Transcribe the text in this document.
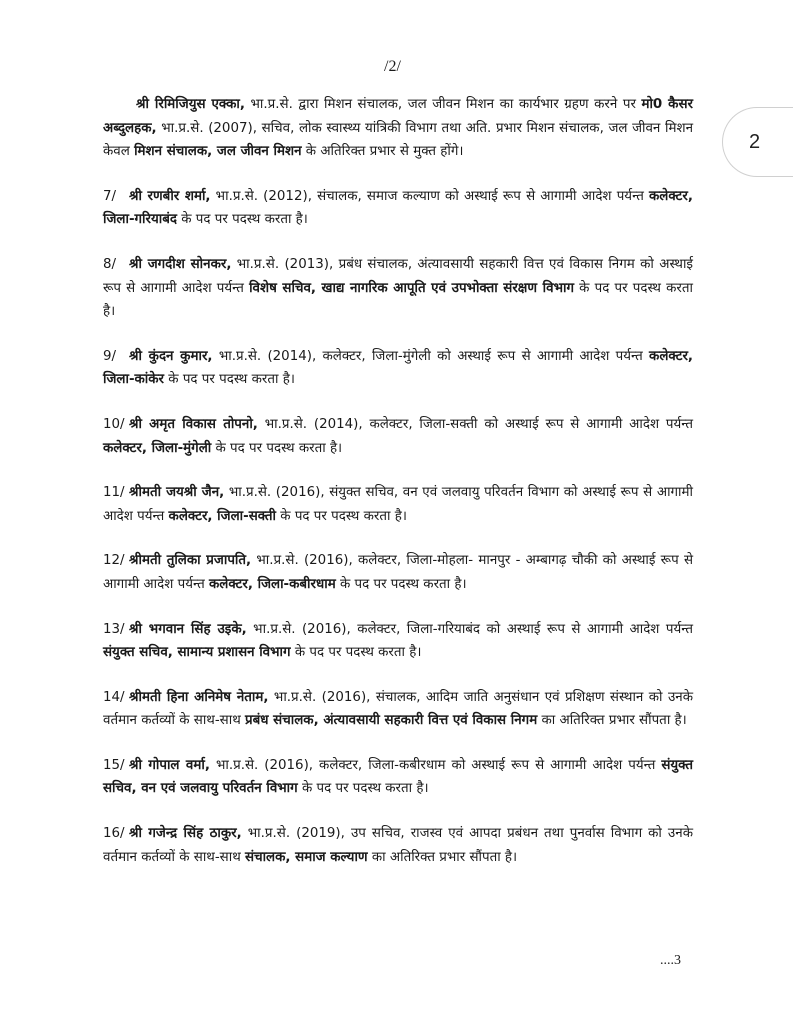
/2/
2

श्री रिमिजियुस एक्का, भा.प्र.से. द्वारा मिशन संचालक, जल जीवन मिशन का कार्यभार ग्रहण करने पर मो0 कैसर अब्दुलहक, भा.प्र.से. (2007), सचिव, लोक स्वास्थ्य यांत्रिकी विभाग तथा अति. प्रभार मिशन संचालक, जल जीवन मिशन केवल मिशन संचालक, जल जीवन मिशन के अतिरिक्त प्रभार से मुक्त होंगे।

7/ श्री रणबीर शर्मा, भा.प्र.से. (2012), संचालक, समाज कल्याण को अस्थाई रूप से आगामी आदेश पर्यन्त कलेक्टर, जिला-गरियाबंद के पद पर पदस्थ करता है।

8/ श्री जगदीश सोनकर, भा.प्र.से. (2013), प्रबंध संचालक, अंत्यावसायी सहकारी वित्त एवं विकास निगम को अस्थाई रूप से आगामी आदेश पर्यन्त विशेष सचिव, खाद्य नागरिक आपूति एवं उपभोक्ता संरक्षण विभाग के पद पर पदस्थ करता है।

9/ श्री कुंदन कुमार, भा.प्र.से. (2014), कलेक्टर, जिला-मुंगेली को अस्थाई रूप से आगामी आदेश पर्यन्त कलेक्टर, जिला-कांकेर के पद पर पदस्थ करता है।

10/ श्री अमृत विकास तोपनो, भा.प्र.से. (2014), कलेक्टर, जिला-सक्ती को अस्थाई रूप से आगामी आदेश पर्यन्त कलेक्टर, जिला-मुंगेली के पद पर पदस्थ करता है।

11/ श्रीमती जयश्री जैन, भा.प्र.से. (2016), संयुक्त सचिव, वन एवं जलवायु परिवर्तन विभाग को अस्थाई रूप से आगामी आदेश पर्यन्त कलेक्टर, जिला-सक्ती के पद पर पदस्थ करता है।

12/ श्रीमती तुलिका प्रजापति, भा.प्र.से. (2016), कलेक्टर, जिला-मोहला- मानपुर - अम्बागढ़ चौकी को अस्थाई रूप से आगामी आदेश पर्यन्त कलेक्टर, जिला-कबीरधाम के पद पर पदस्थ करता है।

13/ श्री भगवान सिंह उइके, भा.प्र.से. (2016), कलेक्टर, जिला-गरियाबंद को अस्थाई रूप से आगामी आदेश पर्यन्त संयुक्त सचिव, सामान्य प्रशासन विभाग के पद पर पदस्थ करता है।

14/ श्रीमती हिना अनिमेष नेताम, भा.प्र.से. (2016), संचालक, आदिम जाति अनुसंधान एवं प्रशिक्षण संस्थान को उनके वर्तमान कर्तव्यों के साथ-साथ प्रबंध संचालक, अंत्यावसायी सहकारी वित्त एवं विकास निगम का अतिरिक्त प्रभार सौंपता है।

15/ श्री गोपाल वर्मा, भा.प्र.से. (2016), कलेक्टर, जिला-कबीरधाम को अस्थाई रूप से आगामी आदेश पर्यन्त संयुक्त सचिव, वन एवं जलवायु परिवर्तन विभाग के पद पर पदस्थ करता है।

16/ श्री गजेन्द्र सिंह ठाकुर, भा.प्र.से. (2019), उप सचिव, राजस्व एवं आपदा प्रबंधन तथा पुनर्वास विभाग को उनके वर्तमान कर्तव्यों के साथ-साथ संचालक, समाज कल्याण का अतिरिक्त प्रभार सौंपता है।

....3
